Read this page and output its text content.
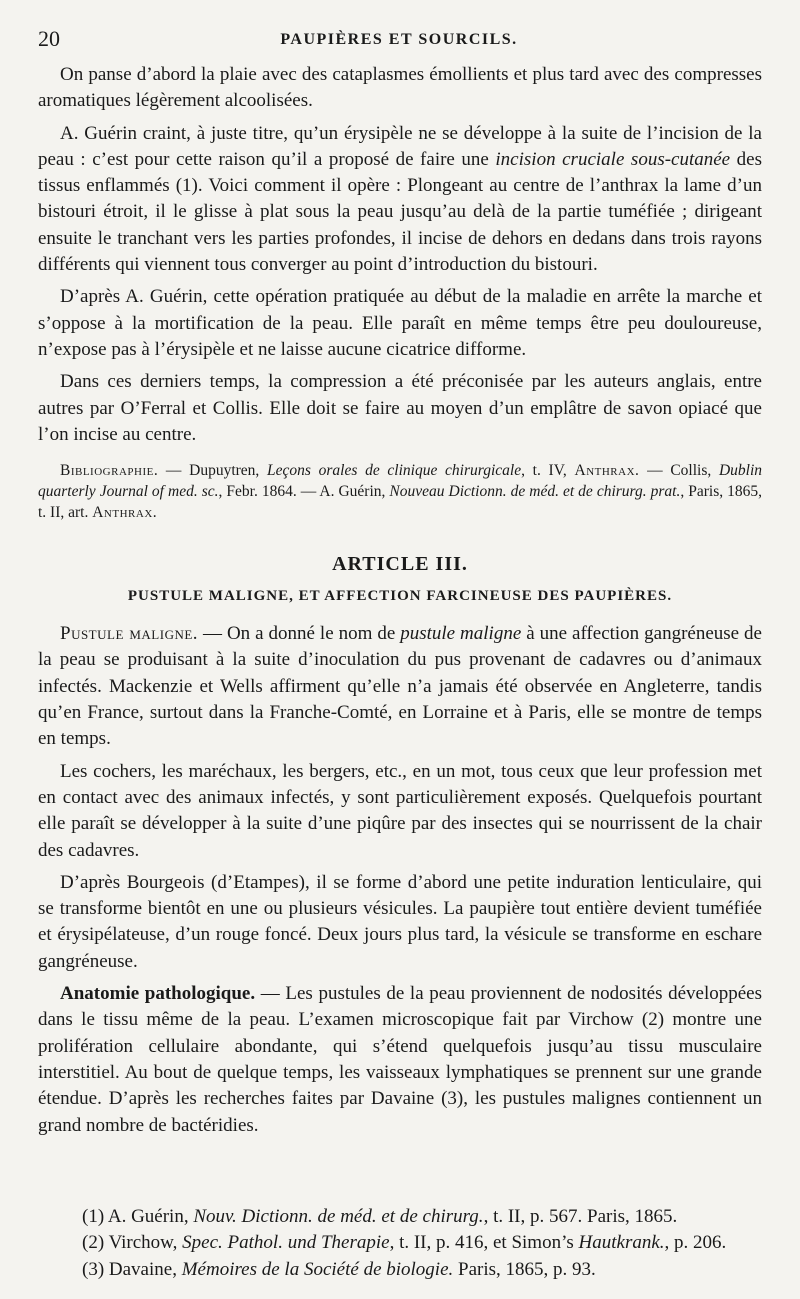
20	PAUPIÈRES ET SOURCILS.

On panse d’abord la plaie avec des cataplasmes émollients et plus tard avec des compresses aromatiques légèrement alcoolisées.

A. Guérin craint, à juste titre, qu’un érysipèle ne se développe à la suite de l’incision de la peau : c’est pour cette raison qu’il a proposé de faire une incision cruciale sous-cutanée des tissus enflammés (1). Voici comment il opère : Plongeant au centre de l’anthrax la lame d’un bistouri étroit, il le glisse à plat sous la peau jusqu’au delà de la partie tuméfiée ; dirigeant ensuite le tranchant vers les parties profondes, il incise de dehors en dedans dans trois rayons différents qui viennent tous converger au point d’introduction du bistouri.

D’après A. Guérin, cette opération pratiquée au début de la maladie en arrête la marche et s’oppose à la mortification de la peau. Elle paraît en même temps être peu douloureuse, n’expose pas à l’érysipèle et ne laisse aucune cicatrice difforme.

Dans ces derniers temps, la compression a été préconisée par les auteurs anglais, entre autres par O’Ferral et Collis. Elle doit se faire au moyen d’un emplâtre de savon opiacé que l’on incise au centre.

Bibliographie. — Dupuytren, Leçons orales de clinique chirurgicale, t. IV, Anthrax. — Collis, Dublin quarterly Journal of med. sc., Febr. 1864. — A. Guérin, Nouveau Dictionn. de méd. et de chirurg. prat., Paris, 1865, t. II, art. Anthrax.
ARTICLE III.
PUSTULE MALIGNE, ET AFFECTION FARCINEUSE DES PAUPIÈRES.

Pustule maligne. — On a donné le nom de pustule maligne à une affection gangréneuse de la peau se produisant à la suite d’inoculation du pus provenant de cadavres ou d’animaux infectés. Mackenzie et Wells affirment qu’elle n’a jamais été observée en Angleterre, tandis qu’en France, surtout dans la Franche-Comté, en Lorraine et à Paris, elle se montre de temps en temps.

Les cochers, les maréchaux, les bergers, etc., en un mot, tous ceux que leur profession met en contact avec des animaux infectés, y sont particulièrement exposés. Quelquefois pourtant elle paraît se développer à la suite d’une piqûre par des insectes qui se nourrissent de la chair des cadavres.

D’après Bourgeois (d’Etampes), il se forme d’abord une petite induration lenticulaire, qui se transforme bientôt en une ou plusieurs vésicules. La paupière tout entière devient tuméfiée et érysipélateuse, d’un rouge foncé. Deux jours plus tard, la vésicule se transforme en eschare gangréneuse.

Anatomie pathologique. — Les pustules de la peau proviennent de nodosités développées dans le tissu même de la peau. L’examen microscopique fait par Virchow (2) montre une prolifération cellulaire abondante, qui s’étend quelquefois jusqu’au tissu musculaire interstitiel. Au bout de quelque temps, les vaisseaux lymphatiques se prennent sur une grande étendue. D’après les recherches faites par Davaine (3), les pustules malignes contiennent un grand nombre de bactéridies.

(1) A. Guérin, Nouv. Dictionn. de méd. et de chirurg., t. II, p. 567. Paris, 1865.

(2) Virchow, Spec. Pathol. und Therapie, t. II, p. 416, et Simon’s Hautkrank., p. 206.

(3) Davaine, Mémoires de la Société de biologie. Paris, 1865, p. 93.
